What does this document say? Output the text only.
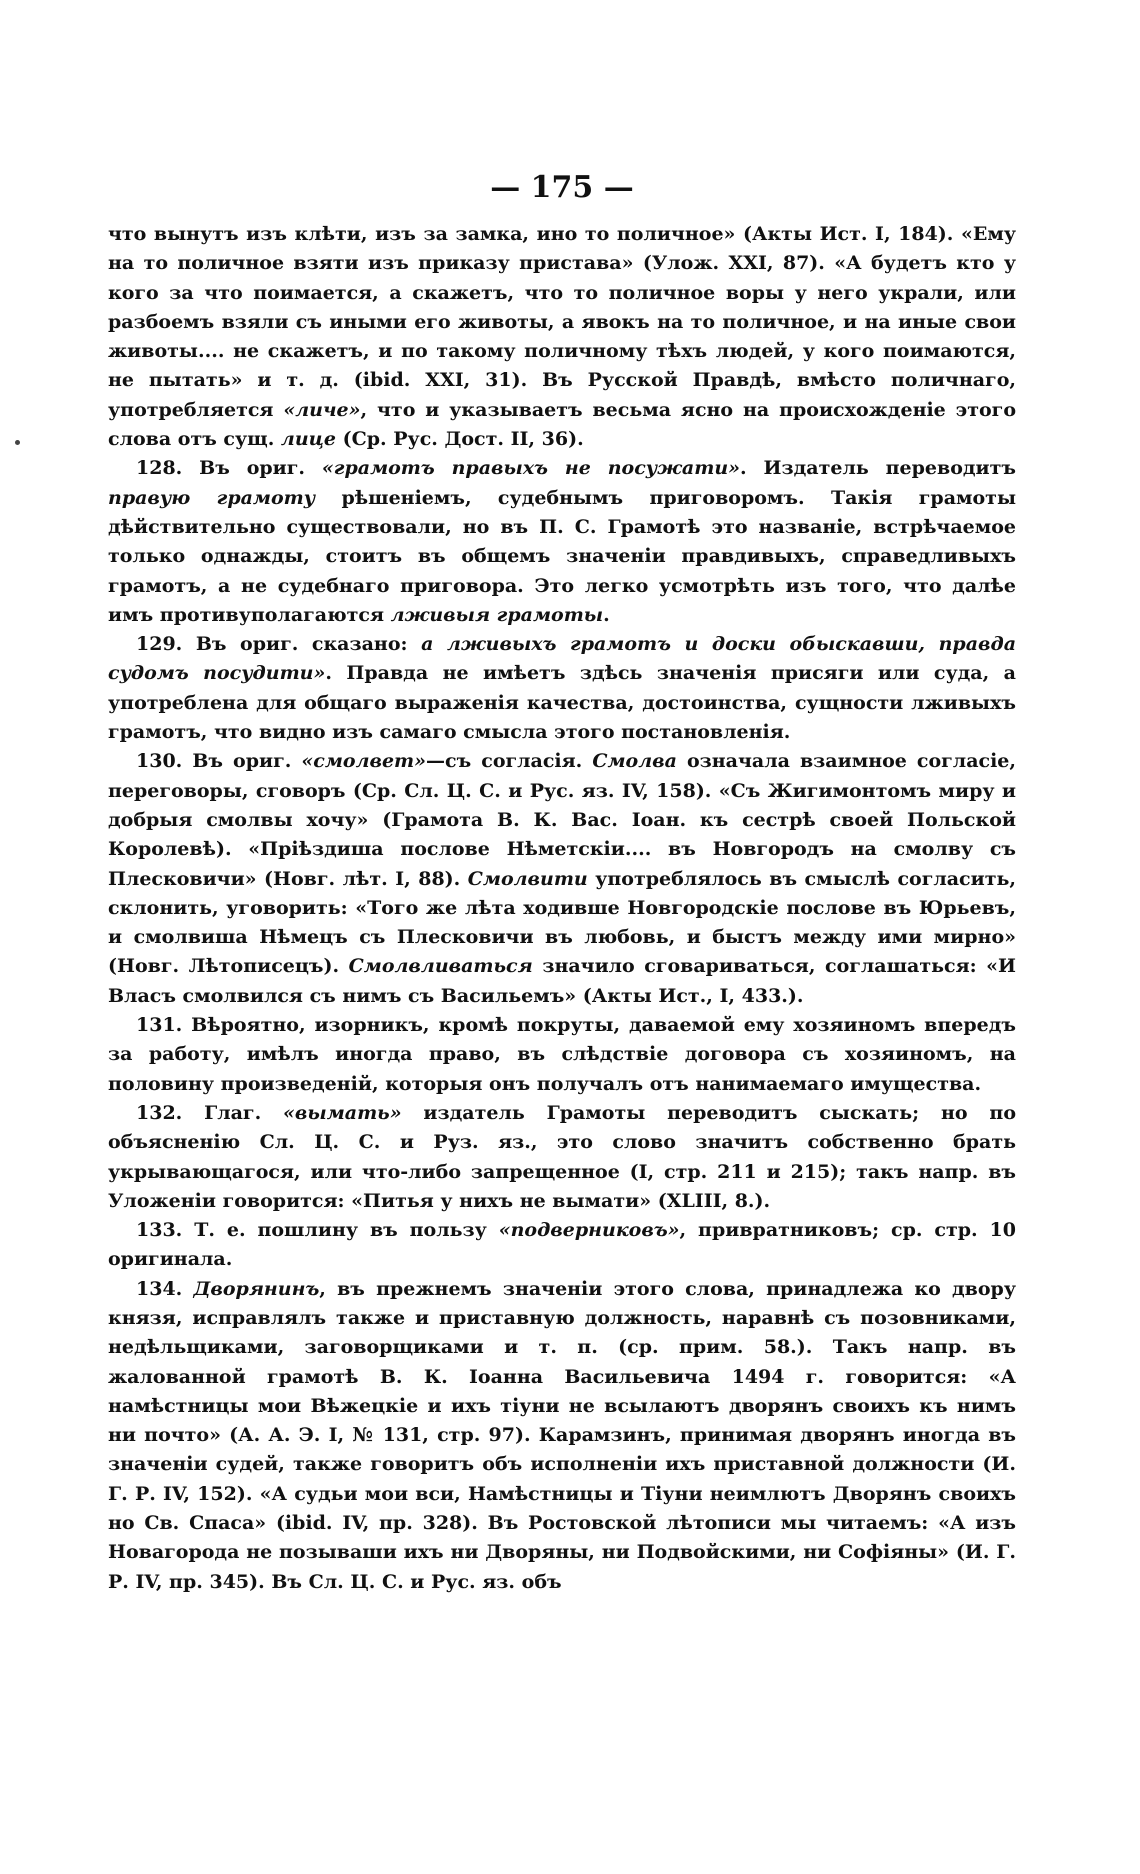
— 175 —

что вынутъ изъ клѣти, изъ за замка, ино то поличное» (Акты Ист. I, 184). «Ему на то поличное взяти изъ приказу пристава» (Улож. XXI, 87). «А будетъ кто у кого за что поимается, а скажетъ, что то поличное воры у него украли, или разбоемъ взяли съ иными его животы, а явокъ на то поличное, и на иные свои животы.... не скажетъ, и по такому поличному тѣхъ людей, у кого поимаются, не пытать» и т. д. (ibid. XXI, 31). Въ Русской Правдѣ, вмѣсто поличнаго, употребляется «личе», что и указываетъ весьма ясно на происхожденіе этого слова отъ сущ. лице (Ср. Рус. Дост. II, 36).

128. Въ ориг. «грамотъ правыхъ не посужати». Издатель переводитъ правую грамоту рѣшеніемъ, судебнымъ приговоромъ. Такія грамоты дѣйствительно существовали, но въ П. С. Грамотѣ это названіе, встрѣчаемое только однажды, стоитъ въ общемъ значеніи правдивыхъ, справедливыхъ грамотъ, а не судебнаго приговора. Это легко усмотрѣть изъ того, что далѣе имъ противуполагаются лживыя грамоты.

129. Въ ориг. сказано: а лживыхъ грамотъ и доски обыскавши, правда судомъ посудити». Правда не имѣетъ здѣсь значенія присяги или суда, а употреблена для общаго выраженія качества, достоинства, сущности лживыхъ грамотъ, что видно изъ самаго смысла этого постановленія.

130. Въ ориг. «смолвет»—съ согласія. Смолва означала взаимное согласіе, переговоры, сговоръ (Ср. Сл. Ц. С. и Рус. яз. IV, 158). «Съ Жигимонтомъ миру и добрыя смолвы хочу» (Грамота В. К. Вас. Іоан. къ сестрѣ своей Польской Королевѣ). «Пріѣздиша послове Нѣметскіи.... въ Новгородъ на смолву съ Плесковичи» (Новг. лѣт. I, 88). Смолвити употреблялось въ смыслѣ согласить, склонить, уговорить: «Того же лѣта ходивше Новгородскіе послове въ Юрьевъ, и смолвиша Нѣмецъ съ Плесковичи въ любовь, и быстъ между ими мирно» (Новг. Лѣтописецъ). Смолвливаться значило сговариваться, соглашаться: «И Власъ смолвился съ нимъ съ Васильемъ» (Акты Ист., I, 433.).

131. Вѣроятно, изорникъ, кромѣ покруты, даваемой ему хозяиномъ впередъ за работу, имѣлъ иногда право, въ слѣдствіе договора съ хозяиномъ, на половину произведеній, которыя онъ получалъ отъ нанимаемаго имущества.

132. Глаг. «вымать» издатель Грамоты переводитъ сыскать; но по объясненію Сл. Ц. С. и Руз. яз., это слово значитъ собственно брать укрывающагося, или что-либо запрещенное (I, стр. 211 и 215); такъ напр. въ Уложеніи говорится: «Питья у нихъ не вымати» (XLIII, 8.).

133. Т. е. пошлину въ пользу «подверниковъ», привратниковъ; ср. стр. 10 оригинала.

134. Дворянинъ, въ прежнемъ значеніи этого слова, принадлежа ко двору князя, исправлялъ также и приставную должность, наравнѣ съ позовниками, недѣльщиками, заговорщиками и т. п. (ср. прим. 58.). Такъ напр. въ жалованной грамотѣ В. К. Іоанна Васильевича 1494 г. говорится: «А намѣстницы мои Вѣжецкіе и ихъ тіуни не всылаютъ дворянъ своихъ къ нимъ ни почто» (А. А. Э. I, № 131, стр. 97). Карамзинъ, принимая дворянъ иногда въ значеніи судей, также говоритъ объ исполненіи ихъ приставной должности (И. Г. Р. IV, 152). «А судьи мои вси, Намѣстницы и Тіуни неимлютъ Дворянъ своихъ но Св. Спаса» (ibid. IV, пр. 328). Въ Ростовской лѣтописи мы читаемъ: «А изъ Новагорода не позываши ихъ ни Дворяны, ни Подвойскими, ни Софіяны» (И. Г. Р. IV, пр. 345). Въ Сл. Ц. С. и Рус. яз. объ
